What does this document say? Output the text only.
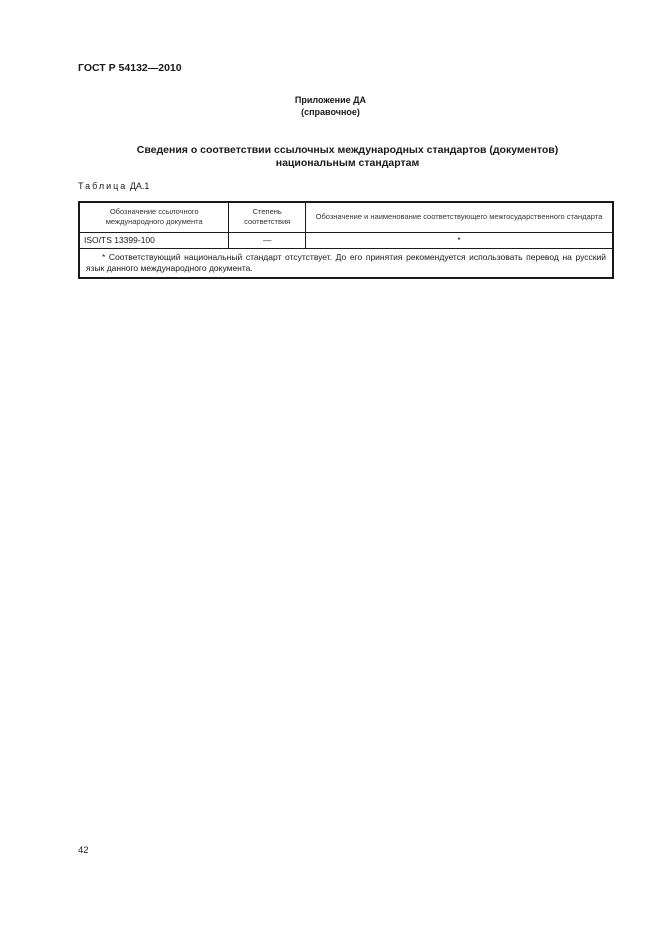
ГОСТ Р 54132—2010
Приложение ДА
(справочное)
Сведения о соответствии ссылочных международных стандартов (документов)
национальным стандартам
Таблица ДА.1
Обозначение ссылочного международного документа	Степень соответствия	Обозначение и наименование соответствующего межгосударственного стандарта
ISO/TS 13399-100	—	*
* Соответствующий национальный стандарт отсутствует. До его принятия рекомендуется использовать перевод на русский язык данного международного документа.		
42
